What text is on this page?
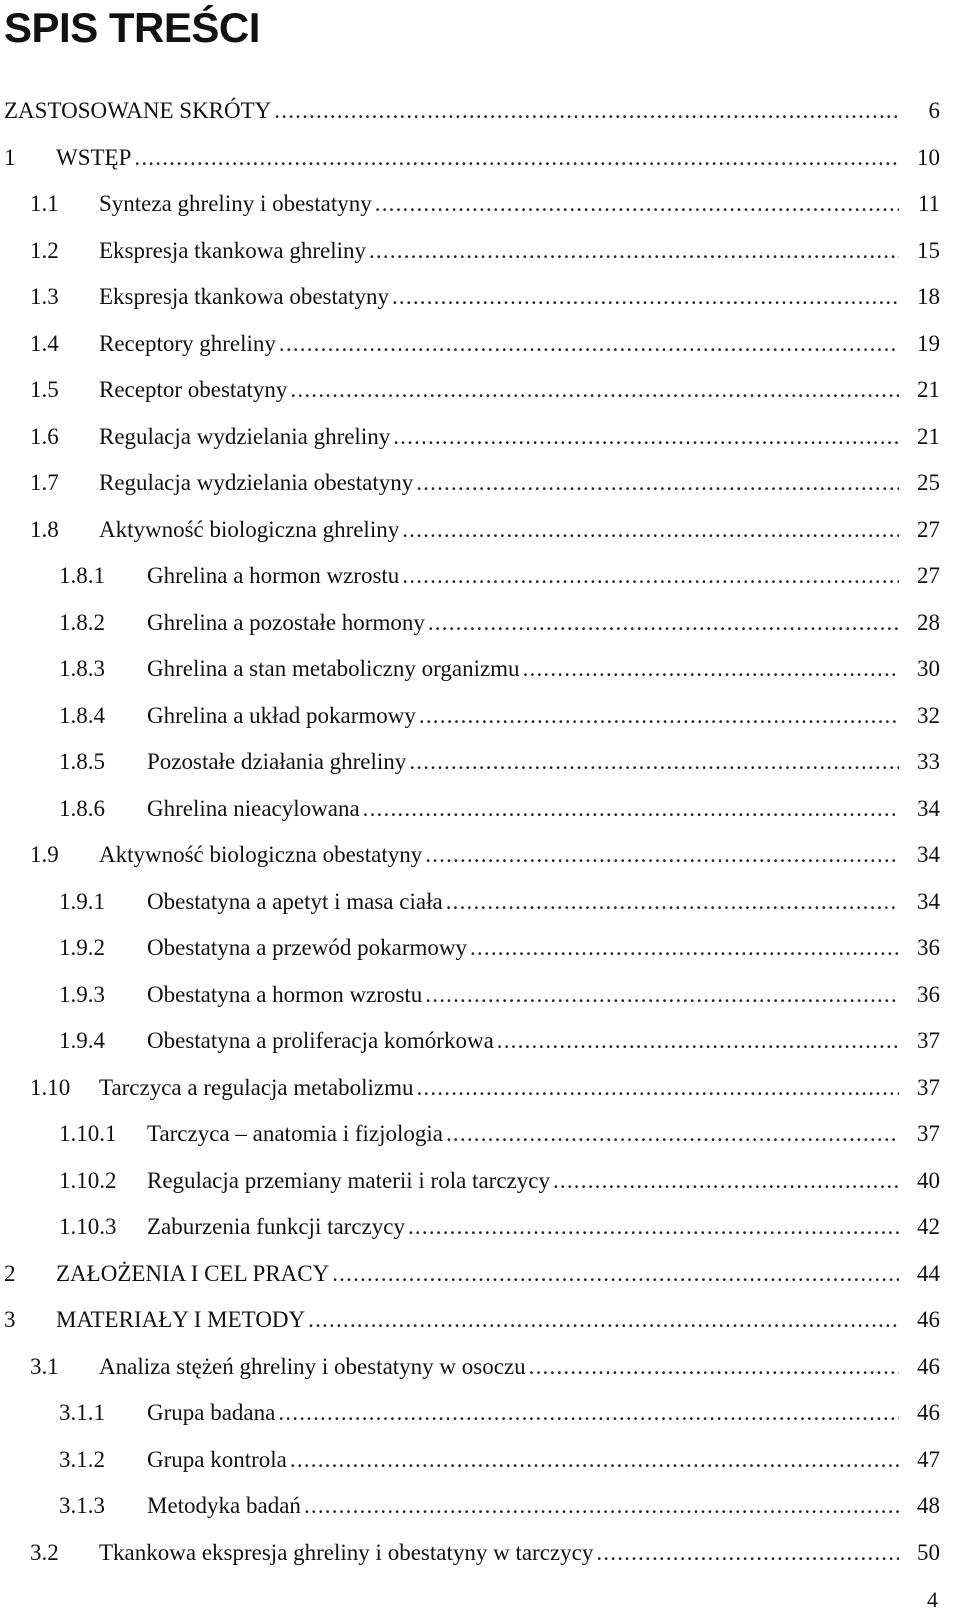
SPIS TREŚCI
ZASTOSOWANE SKRÓTY .....	6
1	WSTĘP .....	10
1.1	Synteza ghreliny i obestatyny .....	11
1.2	Ekspresja tkankowa ghreliny .....	15
1.3	Ekspresja tkankowa obestatyny .....	18
1.4	Receptory ghreliny .....	19
1.5	Receptor obestatyny .....	21
1.6	Regulacja wydzielania ghreliny .....	21
1.7	Regulacja wydzielania obestatyny .....	25
1.8	Aktywność biologiczna ghreliny .....	27
1.8.1	Ghrelina a hormon wzrostu .....	27
1.8.2	Ghrelina a pozostałe hormony .....	28
1.8.3	Ghrelina a stan metaboliczny organizmu .....	30
1.8.4	Ghrelina a układ pokarmowy .....	32
1.8.5	Pozostałe działania ghreliny .....	33
1.8.6	Ghrelina nieacylowana .....	34
1.9	Aktywność biologiczna obestatyny .....	34
1.9.1	Obestatyna a apetyt i masa ciała .....	34
1.9.2	Obestatyna a przewód pokarmowy .....	36
1.9.3	Obestatyna a hormon wzrostu .....	36
1.9.4	Obestatyna a proliferacja komórkowa .....	37
1.10	Tarczyca a regulacja metabolizmu .....	37
1.10.1	Tarczyca – anatomia i fizjologia .....	37
1.10.2	Regulacja przemiany materii i rola tarczycy .....	40
1.10.3	Zaburzenia funkcji tarczycy .....	42
2	ZAŁOŻENIA I CEL PRACY .....	44
3	MATERIAŁY I METODY .....	46
3.1	Analiza stężeń ghreliny i obestatyny w osoczu .....	46
3.1.1	Grupa badana .....	46
3.1.2	Grupa kontrola .....	47
3.1.3	Metodyka badań .....	48
3.2	Tkankowa ekspresja ghreliny i obestatyny w tarczycy .....	50
4
